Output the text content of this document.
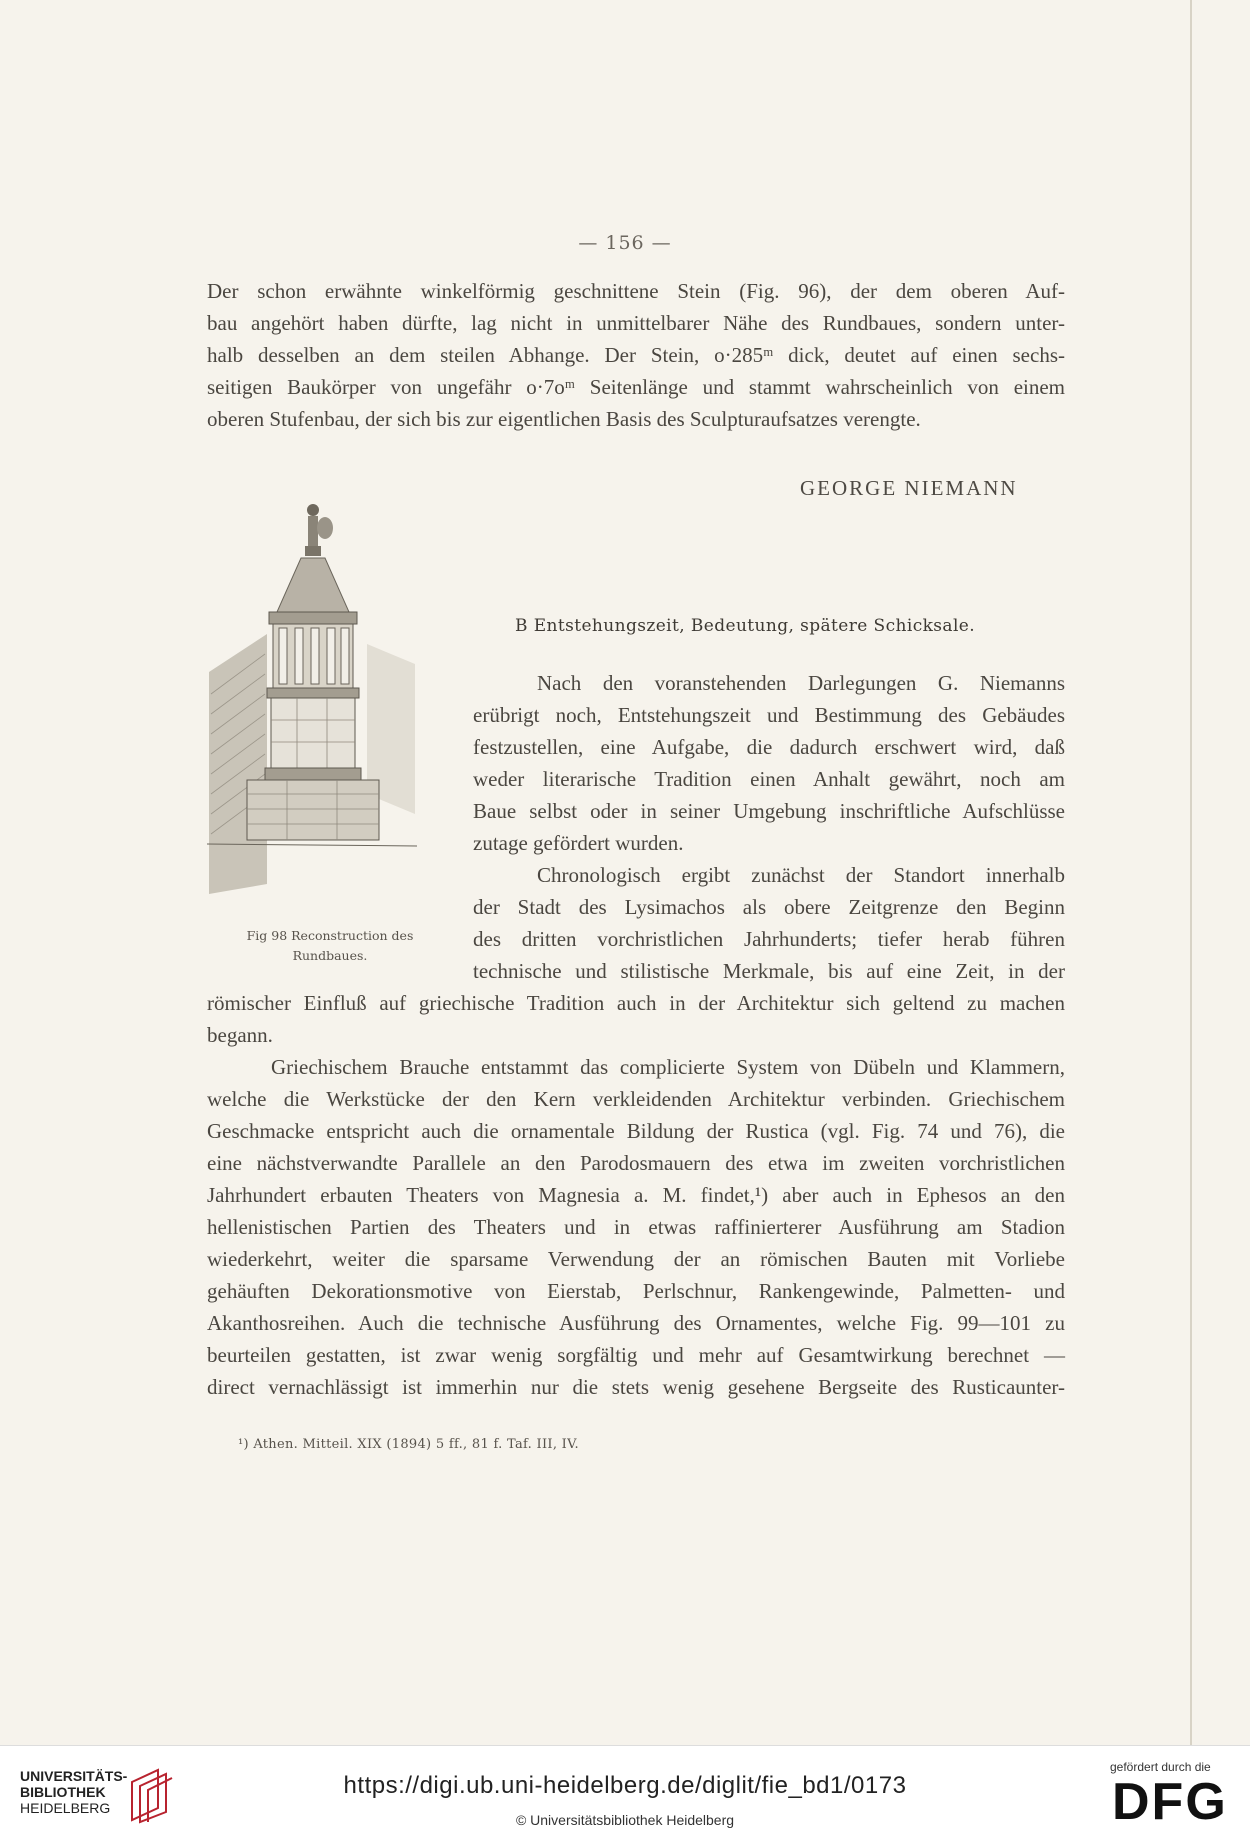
— 156 —

Der schon erwähnte winkelförmig geschnittene Stein (Fig. 96), der dem oberen Auf-
bau angehört haben dürfte, lag nicht in unmittelbarer Nähe des Rundbaues, sondern unter-
halb desselben an dem steilen Abhange. Der Stein, o·285ᵐ dick, deutet auf einen sechs-
seitigen Baukörper von ungefähr o·7oᵐ Seitenlänge und stammt wahrscheinlich von einem
oberen Stufenbau, der sich bis zur eigentlichen Basis des Sculpturaufsatzes verengte.

GEORGE NIEMANN
Fig 98 Reconstruction des
Rundbaues.
B Entstehungszeit, Bedeutung, spätere Schicksale.

Nach den voranstehenden Darlegungen G. Niemanns
erübrigt noch, Entstehungszeit und Bestimmung des Gebäudes
festzustellen, eine Aufgabe, die dadurch erschwert wird, daß
weder literarische Tradition einen Anhalt gewährt, noch am
Baue selbst oder in seiner Umgebung inschriftliche Aufschlüsse
zutage gefördert wurden.
Chronologisch ergibt zunächst der Standort innerhalb
der Stadt des Lysimachos als obere Zeitgrenze den Beginn
des dritten vorchristlichen Jahrhunderts; tiefer herab führen
technische und stilistische Merkmale, bis auf eine Zeit, in der

römischer Einfluß auf griechische Tradition auch in der Architektur sich geltend zu machen
begann.
Griechischem Brauche entstammt das complicierte System von Dübeln und Klammern,
welche die Werkstücke der den Kern verkleidenden Architektur verbinden. Griechischem
Geschmacke entspricht auch die ornamentale Bildung der Rustica (vgl. Fig. 74 und 76), die
eine nächstverwandte Parallele an den Parodosmauern des etwa im zweiten vorchristlichen
Jahrhundert erbauten Theaters von Magnesia a. M. findet,¹) aber auch in Ephesos an den
hellenistischen Partien des Theaters und in etwas raffinierterer Ausführung am Stadion
wiederkehrt, weiter die sparsame Verwendung der an römischen Bauten mit Vorliebe
gehäuften Dekorationsmotive von Eierstab, Perlschnur, Rankengewinde, Palmetten- und
Akanthosreihen. Auch die technische Ausführung des Ornamentes, welche Fig. 99—101 zu
beurteilen gestatten, ist zwar wenig sorgfältig und mehr auf Gesamtwirkung berechnet —
direct vernachlässigt ist immerhin nur die stets wenig gesehene Bergseite des Rusticaunter-

¹) Athen. Mitteil. XIX (1894) 5 ff., 81 f. Taf. III, IV.
UNIVERSITÄTS-
BIBLIOTHEK
HEIDELBERG
https://digi.ub.uni-heidelberg.de/diglit/fie_bd1/0173
© Universitätsbibliothek Heidelberg
gefördert durch die
DFG
